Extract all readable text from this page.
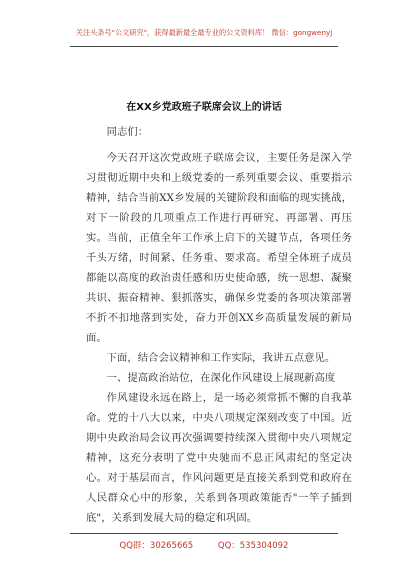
关注头条号"公文研究"，获得最新最全最专业的公文资料库！ 微信：gongwenyj
在XX乡党政班子联席会议上的讲话

同志们：

今天召开这次党政班子联席会议，主要任务是深入学习贯彻近期中央和上级党委的一系列重要会议、重要指示精神，结合当前XX乡发展的关键阶段和面临的现实挑战，对下一阶段的几项重点工作进行再研究、再部署、再压实。当前，正值全年工作承上启下的关键节点，各项任务千头万绪，时间紧、任务重、要求高。希望全体班子成员都能以高度的政治责任感和历史使命感，统一思想、凝聚共识、振奋精神、狠抓落实，确保乡党委的各项决策部署不折不扣地落到实处，奋力开创XX乡高质量发展的新局面。

下面，结合会议精神和工作实际，我讲五点意见。

一、提高政治站位，在深化作风建设上展现新高度

作风建设永远在路上，是一场必须常抓不懈的自我革命。党的十八大以来，中央八项规定深刻改变了中国。近期中央政治局会议再次强调要持续深入贯彻中央八项规定精神，这充分表明了党中央驰而不息正风肃纪的坚定决心。对于基层而言，作风问题更是直接关系到党和政府在人民群众心中的形象，关系到各项政策能否"一竿子插到底"，关系到发展大局的稳定和巩固。

QQ群：30265665 QQ：535304092
